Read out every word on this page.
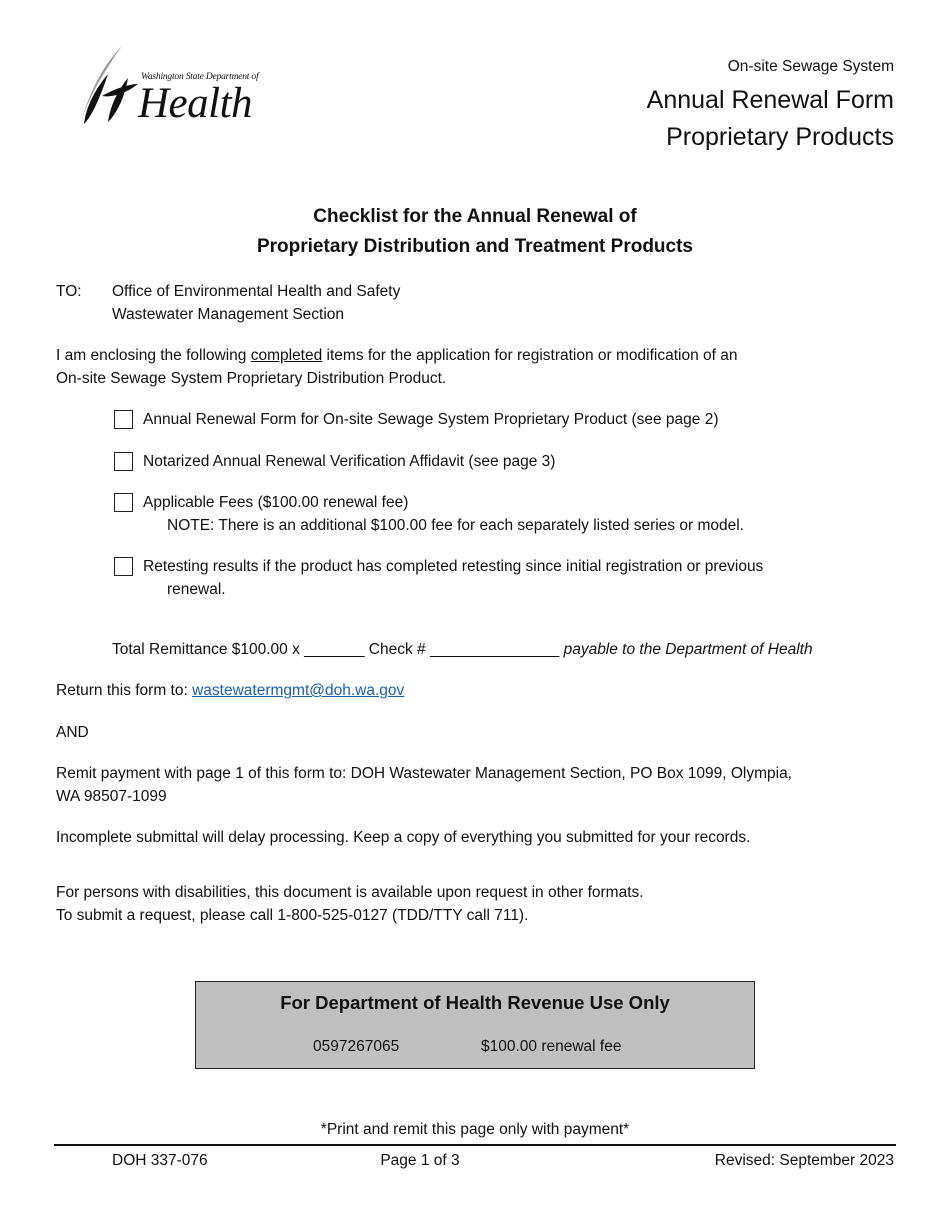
Washington State Department of
Health
On-site Sewage System
Annual Renewal Form
Proprietary Products
Checklist for the Annual Renewal of
Proprietary Distribution and Treatment Products
TO: Office of Environmental Health and Safety
Wastewater Management Section
I am enclosing the following completed items for the application for registration or modification of an
On-site Sewage System Proprietary Distribution Product.
Annual Renewal Form for On-site Sewage System Proprietary Product (see page 2)
Notarized Annual Renewal Verification Affidavit (see page 3)
Applicable Fees ($100.00 renewal fee)
NOTE: There is an additional $100.00 fee for each separately listed series or model.
Retesting results if the product has completed retesting since initial registration or previous
renewal.
Total Remittance $100.00 x _______ Check # _______________ payable to the Department of Health
Return this form to: wastewatermgmt@doh.wa.gov
AND
Remit payment with page 1 of this form to: DOH Wastewater Management Section, PO Box 1099, Olympia,
WA 98507-1099
Incomplete submittal will delay processing. Keep a copy of everything you submitted for your records.
For persons with disabilities, this document is available upon request in other formats.
To submit a request, please call 1-800-525-0127 (TDD/TTY call 711).
For Department of Health Revenue Use Only
0597267065	$100.00 renewal fee
*Print and remit this page only with payment*
DOH 337-076	Page 1 of 3	Revised: September 2023
